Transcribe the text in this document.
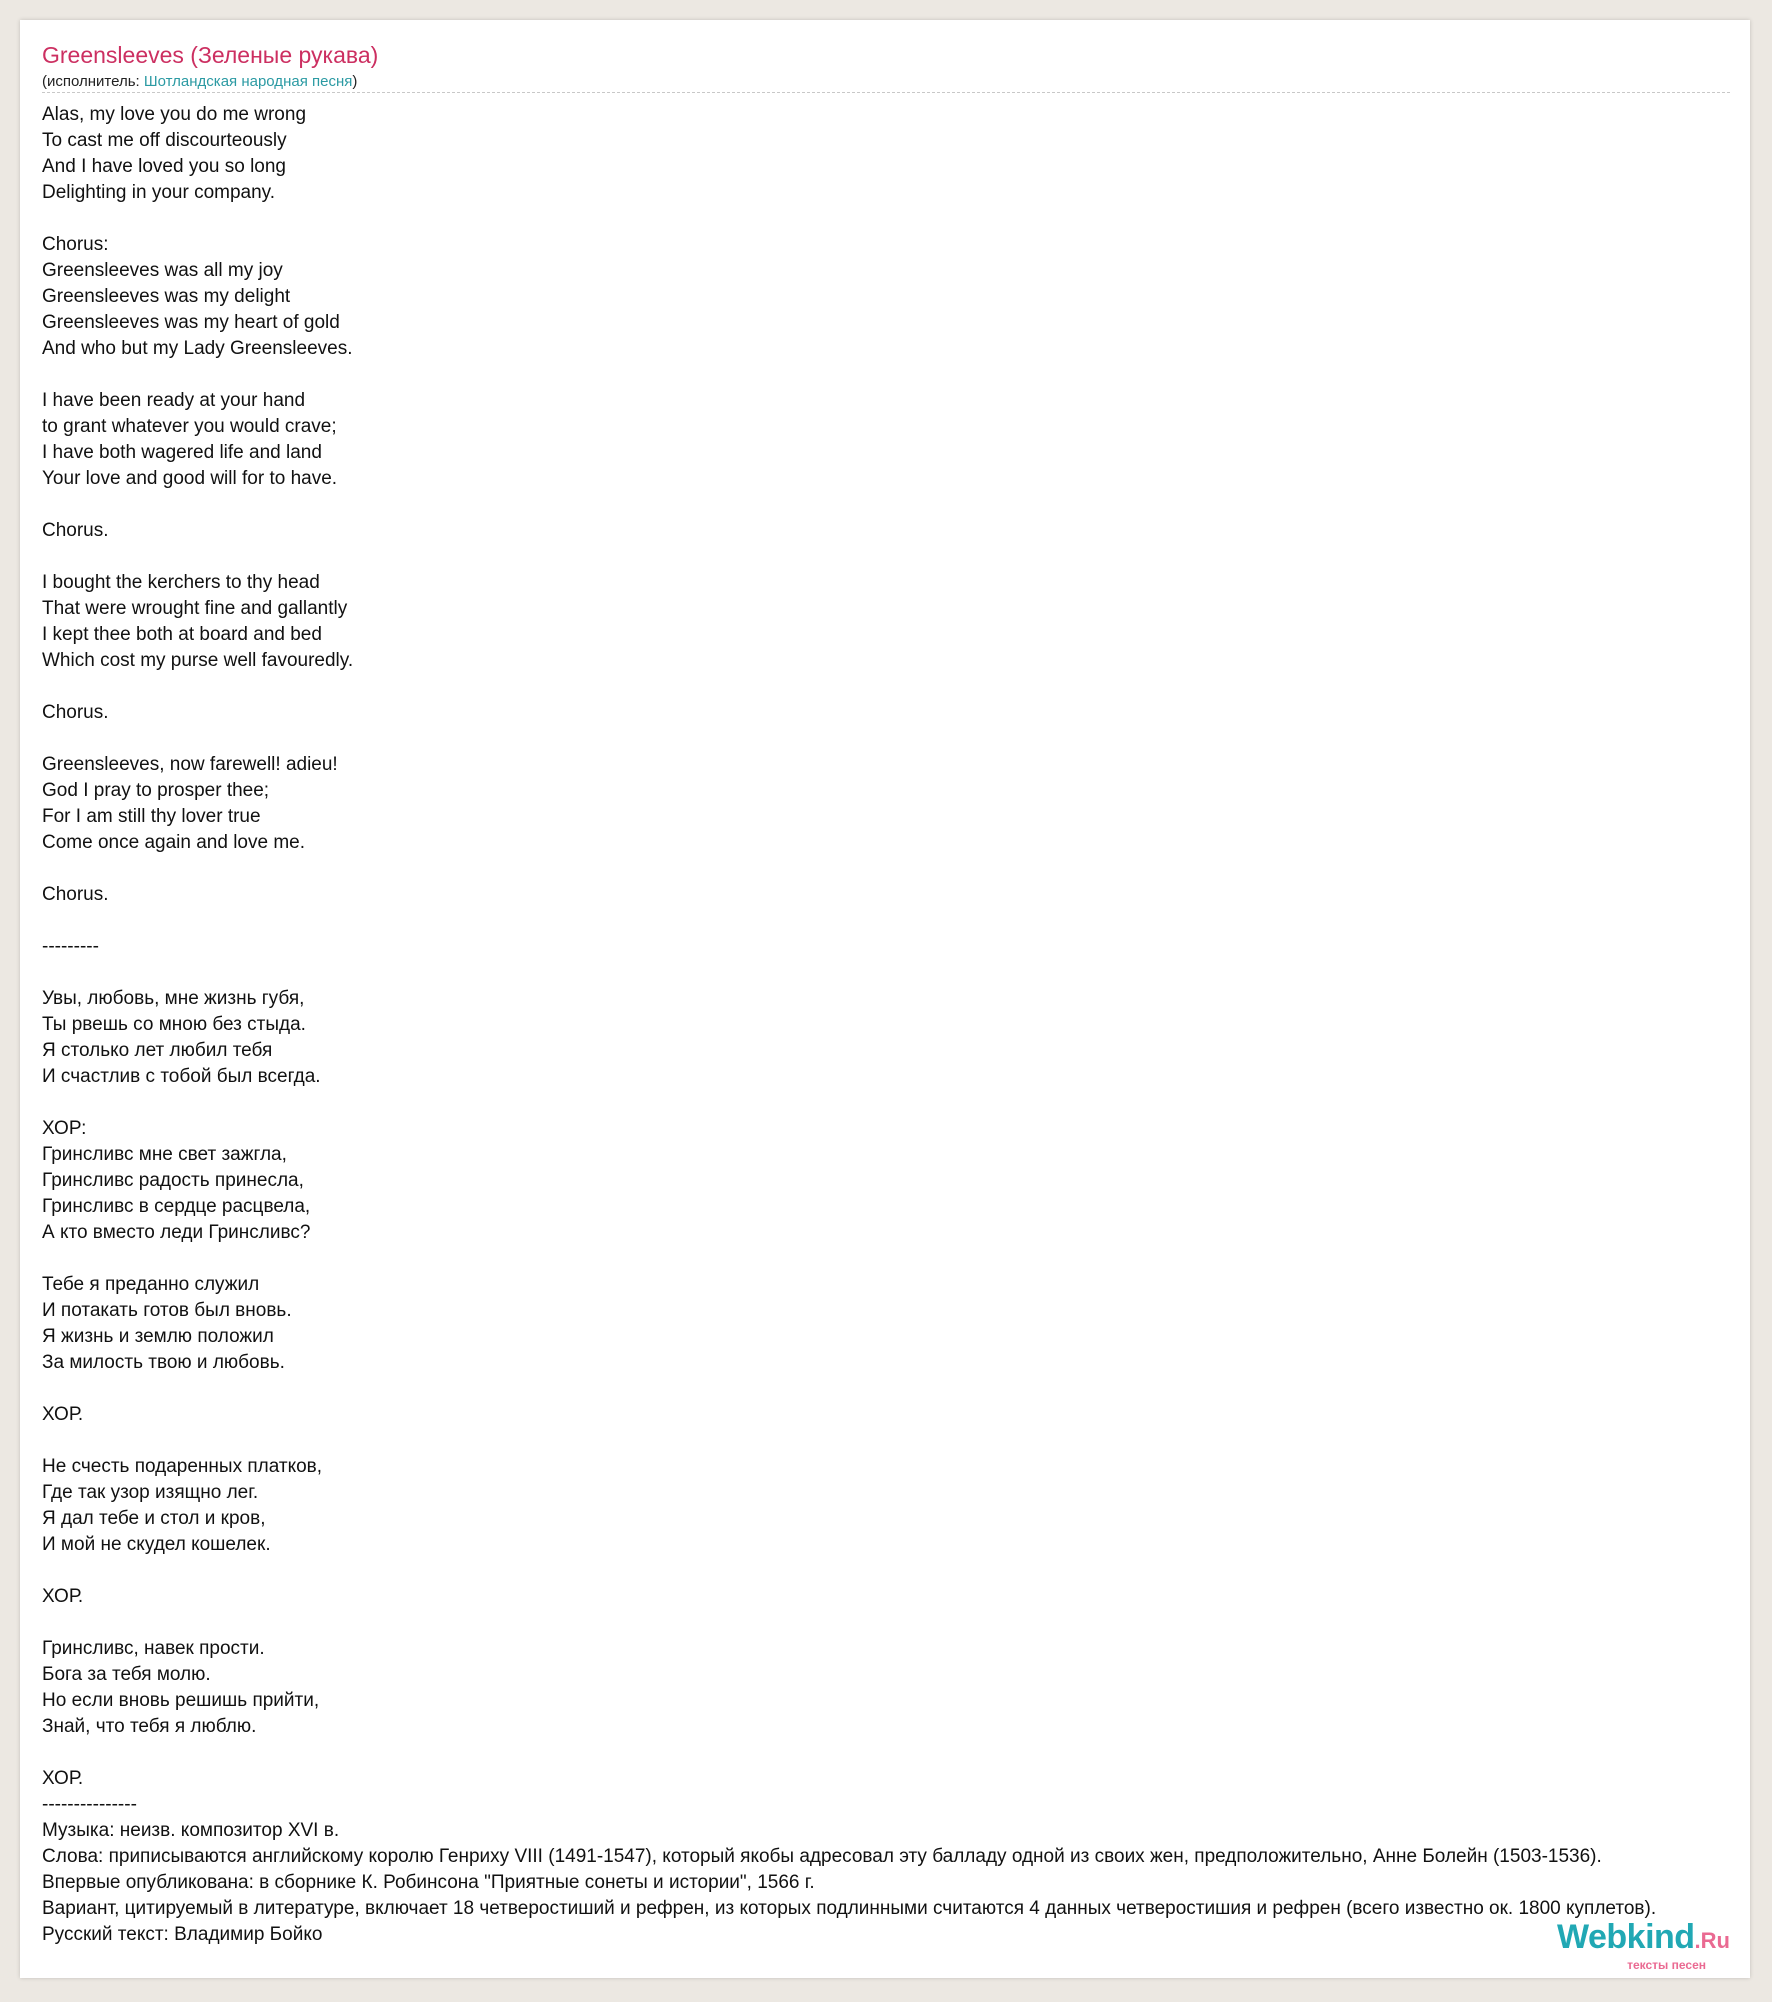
Greensleeves (Зеленые рукава)
(исполнитель: Шотландская народная песня)
Alas, my love you do me wrong
To cast me off discourteously
And I have loved you so long
Delighting in your company.
Chorus:
Greensleeves was all my joy
Greensleeves was my delight
Greensleeves was my heart of gold
And who but my Lady Greensleeves.
I have been ready at your hand
to grant whatever you would crave;
I have both wagered life and land
Your love and good will for to have.
Chorus.
I bought the kerchers to thy head
That were wrought fine and gallantly
I kept thee both at board and bed
Which cost my purse well favouredly.
Chorus.
Greensleeves, now farewell! adieu!
God I pray to prosper thee;
For I am still thy lover true
Come once again and love me.
Chorus.
---------
Увы, любовь, мне жизнь губя,
Ты рвешь со мною без стыда.
Я столько лет любил тебя
И счастлив с тобой был всегда.
ХОР:
Гринсливс мне свет зажгла,
Гринсливс радость принесла,
Гринсливс в сердце расцвела,
А кто вместо леди Гринсливс?
Тебе я преданно служил
И потакать готов был вновь.
Я жизнь и землю положил
За милость твою и любовь.
ХОР.
Не счесть подаренных платков,
Где так узор изящно лег.
Я дал тебе и стол и кров,
И мой не скудел кошелек.
ХОР.
Гринсливс, навек прости.
Бога за тебя молю.
Но если вновь решишь прийти,
Знай, что тебя я люблю.
ХОР.
---------------
Музыка: неизв. композитор XVI в.
Слова: приписываются английскому королю Генриху VIII (1491-1547), который якобы адресовал эту балладу одной из своих жен, предположительно, Анне Болейн (1503-1536).
Впервые опубликована: в сборнике К. Робинсона "Приятные сонеты и истории", 1566 г.
Вариант, цитируемый в литературе, включает 18 четверостиший и рефрен, из которых подлинными считаются 4 данных четверостишия и рефрен (всего известно ок. 1800 куплетов).
Русский текст: Владимир Бойко	Webkind.Ru
тексты песен
